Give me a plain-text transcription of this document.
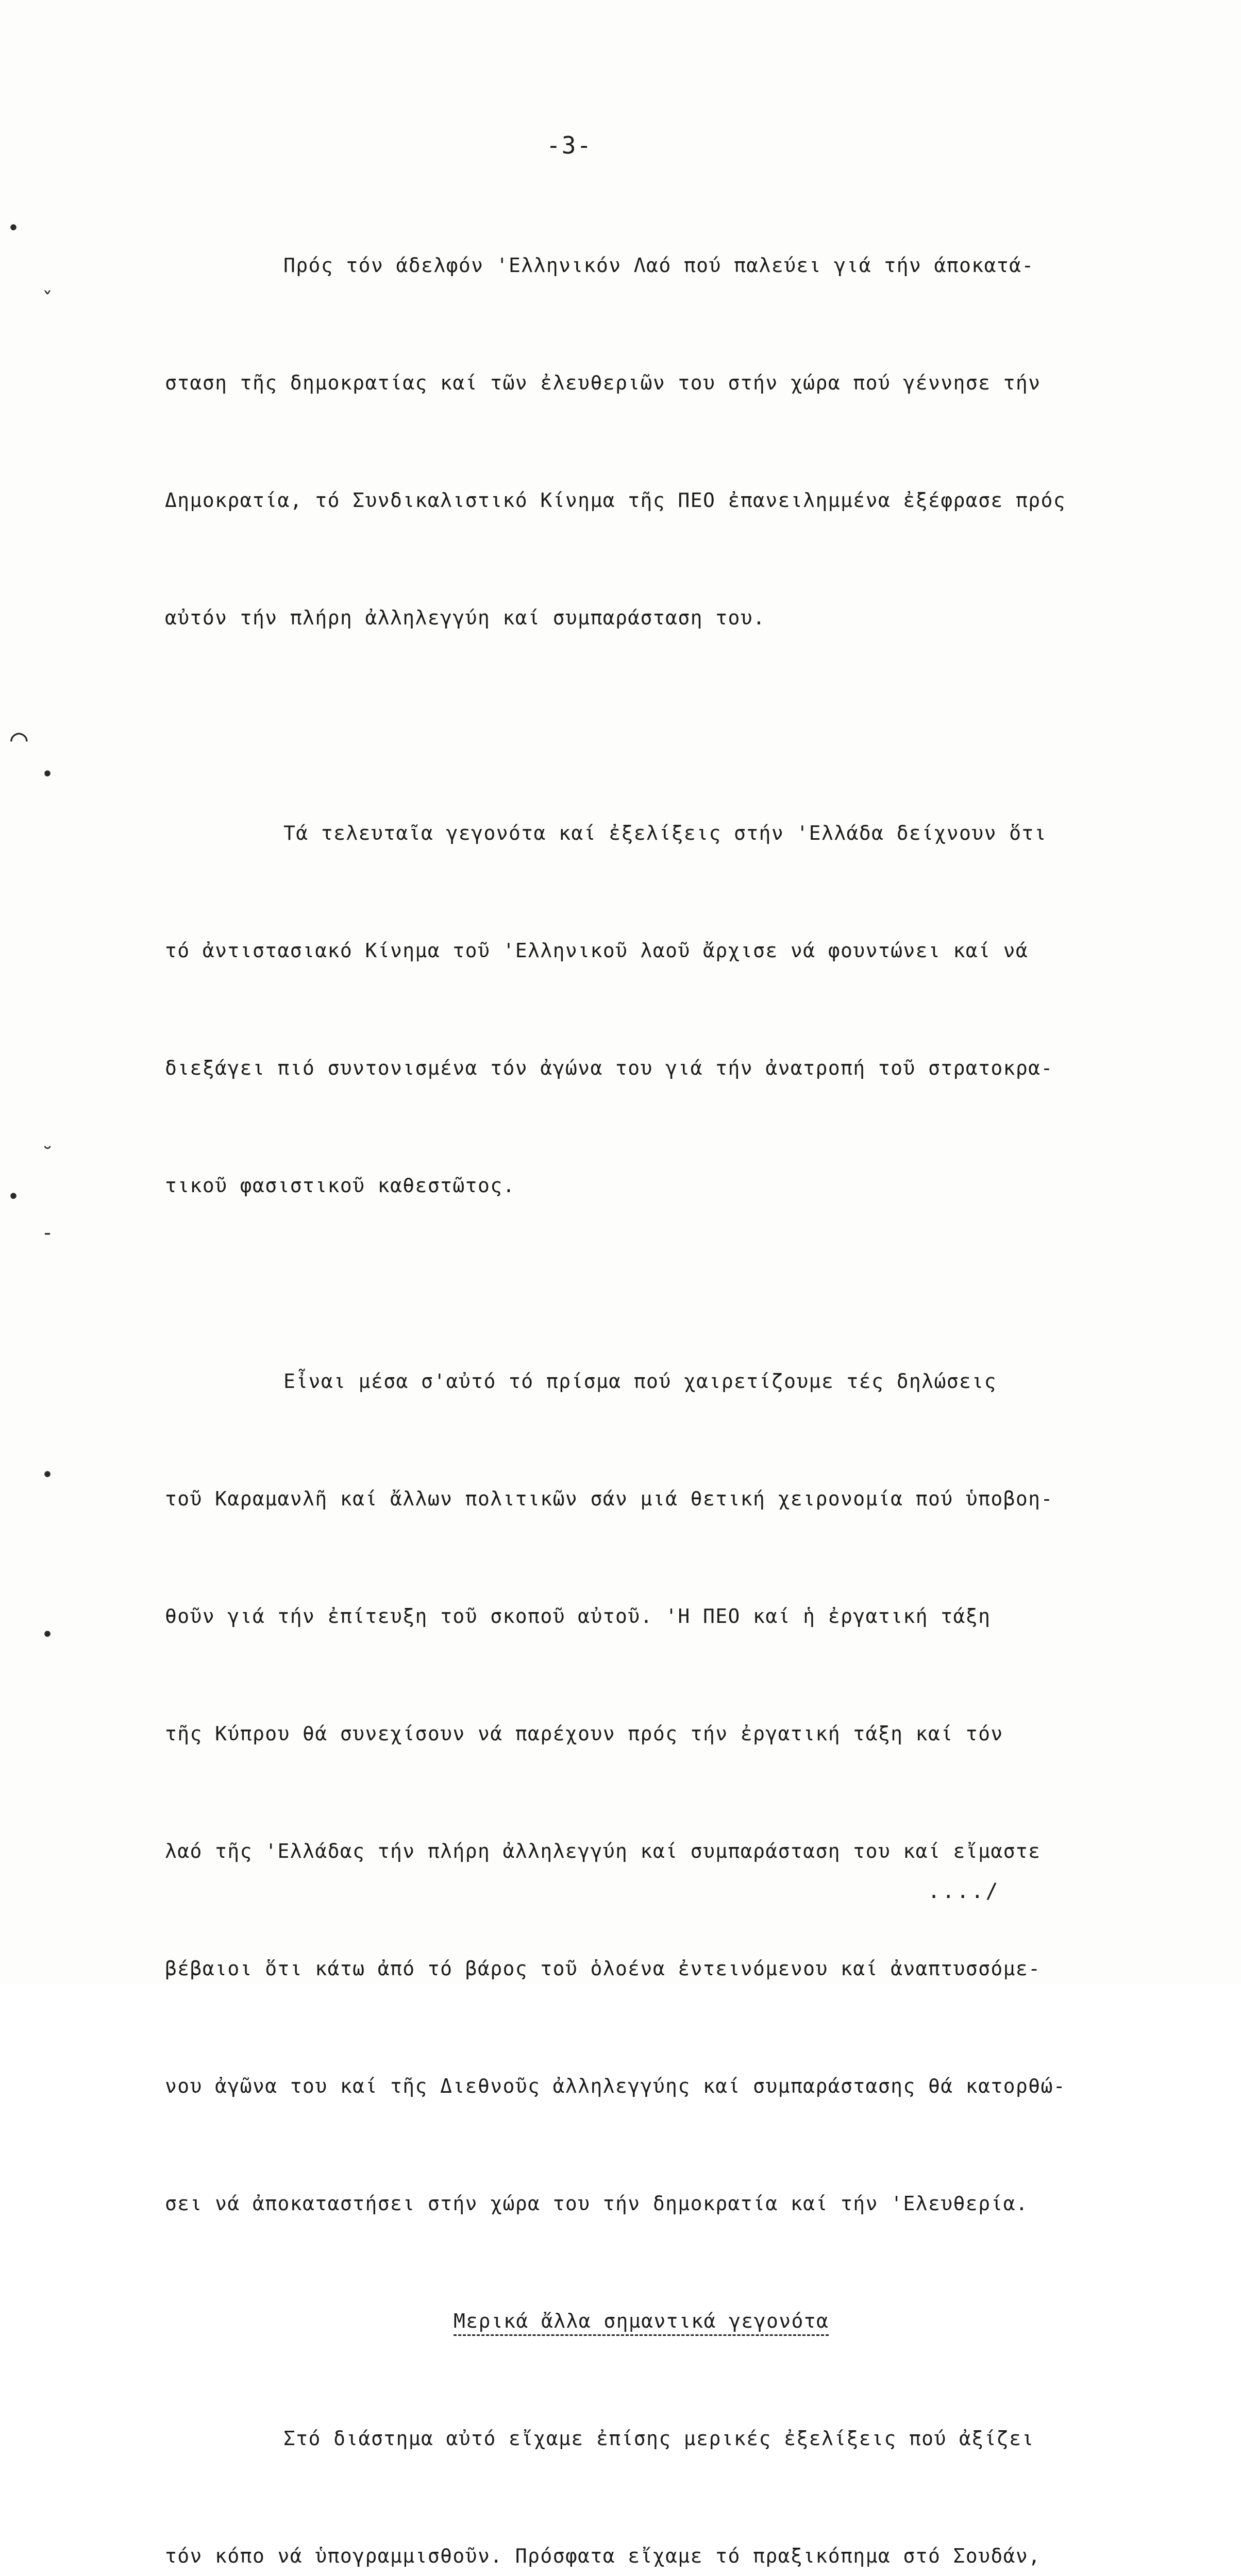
-3-

Πρός τόν άδελφόν 'Ελληνικόν Λαό πού παλεύει γιά τήν άποκατά-

σταση τῆς δημοκρατίας καί τῶν ἐλευθεριῶν του στήν χώρα πού γέννησε τήν

Δημοκρατία, τό Συνδικαλιστικό Κίνημα τῆς ΠΕΟ ἐπανειλημμένα ἐξέφρασε πρός

αὐτόν τήν πλήρη ἀλληλεγγύη καί συμπαράσταση του.

Τά τελευταῖα γεγονότα καί ἐξελίξεις στήν 'Ελλάδα δείχνουν ὅτι

τό ἀντιστασιακό Κίνημα τοῦ 'Ελληνικοῦ λαοῦ ἄρχισε νά φουντώνει καί νά

διεξάγει πιό συντονισμένα τόν ἀγώνα του γιά τήν ἀνατροπή τοῦ στρατοκρα-

τικοῦ φασιστικοῦ καθεστῶτος.

Εἶναι μέσα σ'αὐτό τό πρίσμα πού χαιρετίζουμε τές δηλώσεις

τοῦ Καραμανλῆ καί ἄλλων πολιτικῶν σάν μιά θετική χειρονομία πού ὑποβοη-

θοῦν γιά τήν ἐπίτευξη τοῦ σκοποῦ αὐτοῦ. 'Η ΠΕΟ καί ἡ ἐργατική τάξη

τῆς Κύπρου θά συνεχίσουν νά παρέχουν πρός τήν ἐργατική τάξη καί τόν

λαό τῆς 'Ελλάδας τήν πλήρη ἀλληλεγγύη καί συμπαράσταση του καί εἴμαστε

βέβαιοι ὅτι κάτω ἀπό τό βάρος τοῦ ὁλοένα ἐντεινόμενου καί ἀναπτυσσόμε-

νου ἀγῶνα του καί τῆς Διεθνοῦς ἀλληλεγγύης καί συμπαράστασης θά κατορθώ-

σει νά ἀποκαταστήσει στήν χώρα του τήν δημοκρατία καί τήν 'Ελευθερία.

Μερικά ἄλλα σημαντικά γεγονότα

Στό διάστημα αὐτό εἴχαμε ἐπίσης μερικές ἐξελίξεις πού ἀξίζει

τόν κόπο νά ὑπογραμμισθοῦν. Πρόσφατα εἴχαμε τό πραξικόπημα στό Σουδάν,

..../
•
ˇ
⌒
•
˘
•
-
•
•
